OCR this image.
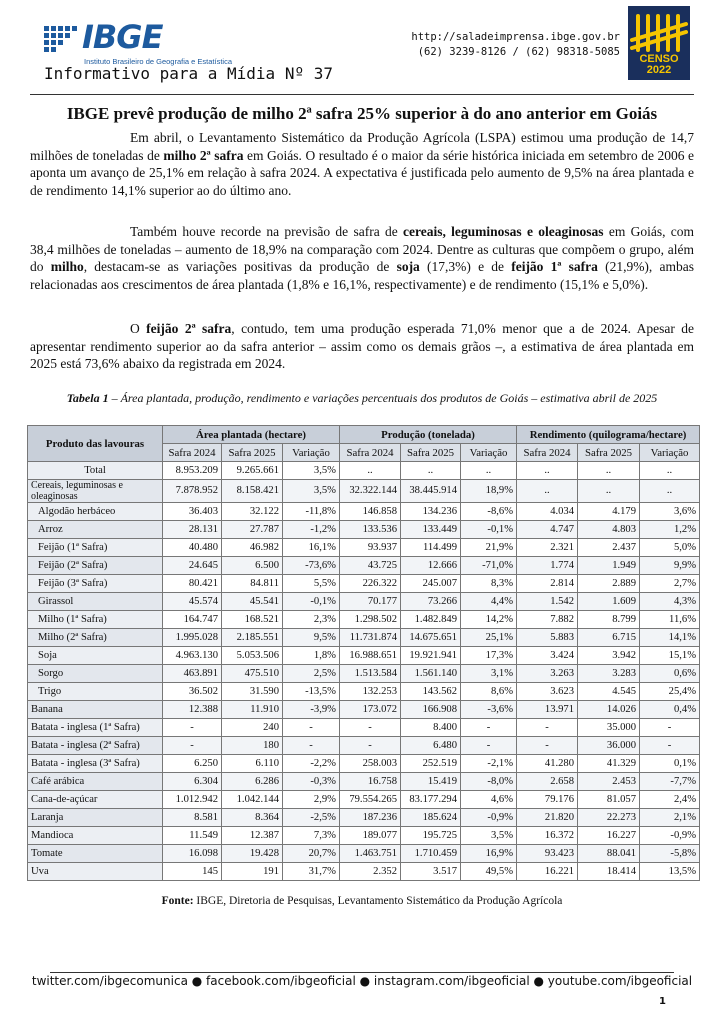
IBGE
Instituto Brasileiro de Geografia e Estatística
Informativo para a Mídia Nº 37
http://saladeimprensa.ibge.gov.br
(62) 3239-8126 / (62) 98318-5085
CENSO
2022
IBGE prevê produção de milho 2ª safra 25% superior à do ano anterior em Goiás
Em abril, o Levantamento Sistemático da Produção Agrícola (LSPA) estimou uma produção de 14,7 milhões de toneladas de milho 2ª safra em Goiás. O resultado é o maior da série histórica iniciada em setembro de 2006 e aponta um avanço de 25,1% em relação à safra 2024. A expectativa é justificada pelo aumento de 9,5% na área plantada e de rendimento 14,1% superior ao do último ano.
Também houve recorde na previsão de safra de cereais, leguminosas e oleaginosas em Goiás, com 38,4 milhões de toneladas – aumento de 18,9% na comparação com 2024. Dentre as culturas que compõem o grupo, além do milho, destacam-se as variações positivas da produção de soja (17,3%) e de feijão 1ª safra (21,9%), ambas relacionadas aos crescimentos de área plantada (1,8% e 16,1%, respectivamente) e de rendimento (15,1% e 5,0%).
O feijão 2ª safra, contudo, tem uma produção esperada 71,0% menor que a de 2024. Apesar de apresentar rendimento superior ao da safra anterior – assim como os demais grãos –, a estimativa de área plantada em 2025 está 73,6% abaixo da registrada em 2024.
Tabela 1 – Área plantada, produção, rendimento e variações percentuais dos produtos de Goiás – estimativa abril de 2025
Produto das lavouras	Área plantada (hectare)			Produção (tonelada)			Rendimento (quilograma/hectare)		
	Safra 2024	Safra 2025	Variação	Safra 2024	Safra 2025	Variação	Safra 2024	Safra 2025	Variação
Total	8.953.209	9.265.661	3,5%	..	..	..	..	..	..
Cereais, leguminosas e oleaginosas	7.878.952	8.158.421	3,5%	32.322.144	38.445.914	18,9%	..	..	..
Algodão herbáceo	36.403	32.122	-11,8%	146.858	134.236	-8,6%	4.034	4.179	3,6%
Arroz	28.131	27.787	-1,2%	133.536	133.449	-0,1%	4.747	4.803	1,2%
Feijão (1ª Safra)	40.480	46.982	16,1%	93.937	114.499	21,9%	2.321	2.437	5,0%
Feijão (2ª Safra)	24.645	6.500	-73,6%	43.725	12.666	-71,0%	1.774	1.949	9,9%
Feijão (3ª Safra)	80.421	84.811	5,5%	226.322	245.007	8,3%	2.814	2.889	2,7%
Girassol	45.574	45.541	-0,1%	70.177	73.266	4,4%	1.542	1.609	4,3%
Milho (1ª Safra)	164.747	168.521	2,3%	1.298.502	1.482.849	14,2%	7.882	8.799	11,6%
Milho (2ª Safra)	1.995.028	2.185.551	9,5%	11.731.874	14.675.651	25,1%	5.883	6.715	14,1%
Soja	4.963.130	5.053.506	1,8%	16.988.651	19.921.941	17,3%	3.424	3.942	15,1%
Sorgo	463.891	475.510	2,5%	1.513.584	1.561.140	3,1%	3.263	3.283	0,6%
Trigo	36.502	31.590	-13,5%	132.253	143.562	8,6%	3.623	4.545	25,4%
Banana	12.388	11.910	-3,9%	173.072	166.908	-3,6%	13.971	14.026	0,4%
Batata - inglesa (1ª Safra)	-	240	-	-	8.400	-	-	35.000	-
Batata - inglesa (2ª Safra)	-	180	-	-	6.480	-	-	36.000	-
Batata - inglesa (3ª Safra)	6.250	6.110	-2,2%	258.003	252.519	-2,1%	41.280	41.329	0,1%
Café arábica	6.304	6.286	-0,3%	16.758	15.419	-8,0%	2.658	2.453	-7,7%
Cana-de-açúcar	1.012.942	1.042.144	2,9%	79.554.265	83.177.294	4,6%	79.176	81.057	2,4%
Laranja	8.581	8.364	-2,5%	187.236	185.624	-0,9%	21.820	22.273	2,1%
Mandioca	11.549	12.387	7,3%	189.077	195.725	3,5%	16.372	16.227	-0,9%
Tomate	16.098	19.428	20,7%	1.463.751	1.710.459	16,9%	93.423	88.041	-5,8%
Uva	145	191	31,7%	2.352	3.517	49,5%	16.221	18.414	13,5%
Fonte: IBGE, Diretoria de Pesquisas, Levantamento Sistemático da Produção Agrícola
twitter.com/ibgecomunica ● facebook.com/ibgeoficial ● instagram.com/ibgeoficial ● youtube.com/ibgeoficial
1
